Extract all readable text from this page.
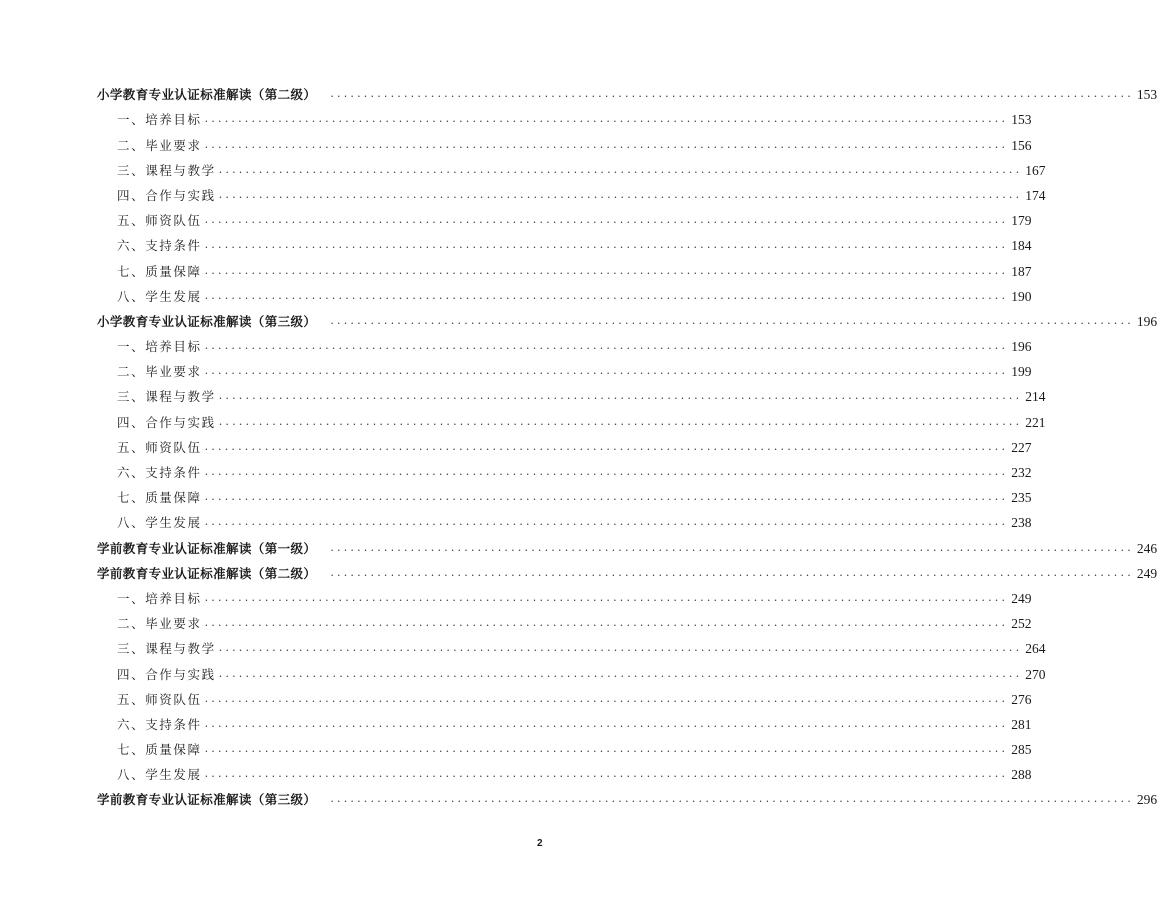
小学教育专业认证标准解读（第二级） ........................................................................................................................ 153
一、培养目标 ........................................................................................................................ 153
二、毕业要求 ........................................................................................................................ 156
三、课程与教学 ........................................................................................................................ 167
四、合作与实践 ........................................................................................................................ 174
五、师资队伍 ........................................................................................................................ 179
六、支持条件 ........................................................................................................................ 184
七、质量保障 ........................................................................................................................ 187
八、学生发展 ........................................................................................................................ 190
小学教育专业认证标准解读（第三级） ........................................................................................................................ 196
一、培养目标 ........................................................................................................................ 196
二、毕业要求 ........................................................................................................................ 199
三、课程与教学 ........................................................................................................................ 214
四、合作与实践 ........................................................................................................................ 221
五、师资队伍 ........................................................................................................................ 227
六、支持条件 ........................................................................................................................ 232
七、质量保障 ........................................................................................................................ 235
八、学生发展 ........................................................................................................................ 238
学前教育专业认证标准解读（第一级） ........................................................................................................................ 246
学前教育专业认证标准解读（第二级） ........................................................................................................................ 249
一、培养目标 ........................................................................................................................ 249
二、毕业要求 ........................................................................................................................ 252
三、课程与教学 ........................................................................................................................ 264
四、合作与实践 ........................................................................................................................ 270
五、师资队伍 ........................................................................................................................ 276
六、支持条件 ........................................................................................................................ 281
七、质量保障 ........................................................................................................................ 285
八、学生发展 ........................................................................................................................ 288
学前教育专业认证标准解读（第三级） ........................................................................................................................ 296
2
